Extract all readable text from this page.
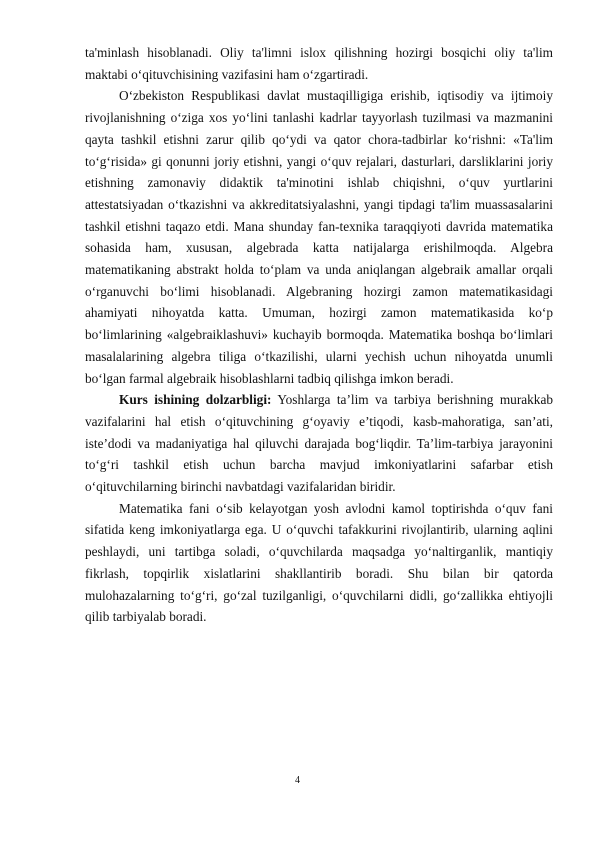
ta'minlash hisoblanadi. Oliy ta'limni islox qilishning hozirgi bosqichi oliy ta'lim maktabi o‘qituvchisining vazifasini ham o‘zgartiradi.

O‘zbekiston Respublikasi davlat mustaqilligiga erishib, iqtisodiy va ijtimoiy rivojlanishning o‘ziga xos yo‘lini tanlashi kadrlar tayyorlash tuzilmasi va mazmanini qayta tashkil etishni zarur qilib qo‘ydi va qator chora-tadbirlar ko‘rishni: «Ta'lim to‘g‘risida» gi qonunni joriy etishni, yangi o‘quv rejalari, dasturlari, darsliklarini joriy etishning zamonaviy didaktik ta'minotini ishlab chiqishni, o‘quv yurtlarini attestatsiyadan o‘tkazishni va akkreditatsiyalashni, yangi tipdagi ta'lim muassasalarini tashkil etishni taqazo etdi. Mana shunday fan-texnika taraqqiyoti davrida matematika sohasida ham, xususan, algebrada katta natijalarga erishilmoqda. Algebra matematikaning abstrakt holda to‘plam va unda aniqlangan algebraik amallar orqali o‘rganuvchi bo‘limi hisoblanadi. Algebraning hozirgi zamon matematikasidagi ahamiyati nihoyatda katta. Umuman, hozirgi zamon matematikasida ko‘p bo‘limlarining «algebraiklashuvi» kuchayib bormoqda. Matematika boshqa bo‘limlari masalalarining algebra tiliga o‘tkazilishi, ularni yechish uchun nihoyatda unumli bo‘lgan farmal algebraik hisoblashlarni tadbiq qilishga imkon beradi.

Kurs ishining dolzarbligi: Yoshlarga ta’lim va tarbiya berishning murakkab vazifalarini hal etish o‘qituvchining g‘oyaviy e’tiqodi, kasb-mahoratiga, san’ati, iste’dodi va madaniyatiga hal qiluvchi darajada bog‘liqdir. Ta’lim-tarbiya jarayonini to‘g‘ri tashkil etish uchun barcha mavjud imkoniyatlarini safarbar etish o‘qituvchilarning birinchi navbatdagi vazifalaridan biridir.

Matematika fani o‘sib kelayotgan yosh avlodni kamol toptirishda o‘quv fani sifatida keng imkoniyatlarga ega. U o‘quvchi tafakkurini rivojlantirib, ularning aqlini peshlaydi, uni tartibga soladi, o‘quvchilarda maqsadga yo‘naltirganlik, mantiqiy fikrlash, topqirlik xislatlarini shakllantirib boradi. Shu bilan bir qatorda mulohazalarning to‘g‘ri, go‘zal tuzilganligi, o‘quvchilarni didli, go‘zallikka ehtiyojli qilib tarbiyalab boradi.

4
